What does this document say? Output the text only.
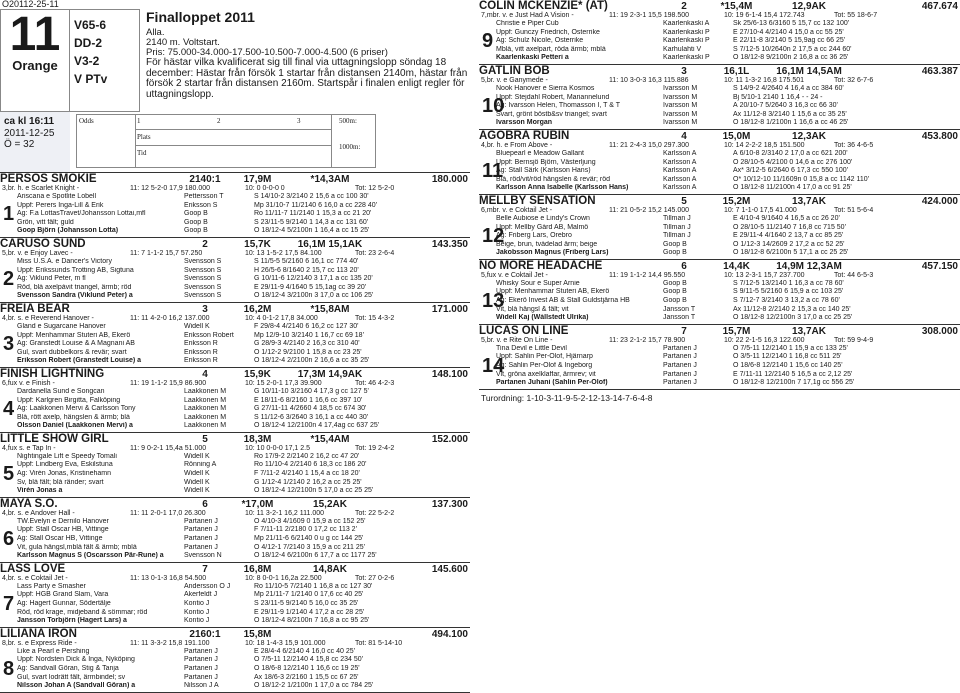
Ö20112-25-11
11
Orange
V65-6
DD-2
V3-2
V PTv
Finalloppet 2011
Alla.
2140 m. Voltstart.
Pris: 75.000-34.000-17.500-10.500-7.000-4.500 (6 priser)
För hästar vilka kvalificerat sig till final via uttagningslopp söndag 18 december: Hästar från försök 1 startar från distansen 2140m, hästar från försök 2 startar från distansen 2160m. Startspår i finalen enligt regler för uttagningslopp.
ca kl 16:11
2011-12-25
Ö = 32
Odds	1	2	3	500m:
Plats
Tid
1000m:
PERSOS SMOKIE	2140:1	17,9M	*14,3AM	180.000
3,br. h. e Scarlet Knight -	11: 12 5-2-0 17,9 180.000	10: 0 0-0-0 0	Tot: 12 5-2-0
1
Ariscana e Spotlite Lobell	Pettersson T	S 14/10-2 3/2140 2 15,6 a cc 100 30'
Uppf: Perers Inga-Lill & Erik	Eriksson S	Mp 31/10-7 11/2140 6 16,0 a cc 228 40'
Äg: F.a LottasTravet/Johansson Lottai,mfl	Goop B	Ro 11/11-7 11/2140 1 15,3 a cc 21 20'
Grön, vitt fält; guld	Goop B	S 23/11-5 9/2140 1 14,3 a cc 131 60'
Goop Björn (Johansson Lotta)	Goop B	Ö 18/12-4 5/2100n 1 16,4 a cc 15 25'
CARUSO SUND	2	15,7K	16,1M 15,1AK	143.350
5,br. v. e Enjoy Lavec -	11: 7 1-1-2 15,7 57.250	10: 13 1-5-2 17,5 84.100	Tot: 23 2-6-4
2
Miss U.S.A. e Dancer's Victory	Svensson S	S 11/5-5 5/2160 6 16,1 cc 774 40'
Uppf: Erikssunds Trotting AB, Sigtuna	Svensson S	H 26/5-6 8/1640 2 15,7 cc 113 20'
Äg: Viklund Peter, m fl	Svensson S	G 10/11-6 12/2140 3 17,1 a cc 135 20'
Röd, blå axelpåvit triangel, ärmb; röd	Svensson S	E 29/11-9 4/1640 5 15,1ag cc 39 20'
Svensson Sandra (Viklund Peter) a	Svensson S	Ö 18/12-4 3/2100n 3 17,0 a cc 106 25'
FREIA BEAR	3	16,2M	*15,8AM	171.000
4,br. s. e Reverend Hanover -	11: 11 4-2-0 16,2 137.000	10: 4 0-1-2 17,8 34.000	Tot: 15 4-3-2
3
Gland e Sugarcane Hanover	Widell K	F 29/8-4 4/2140 6 16,2 cc 127 30'
Uppf: Menhammar Stuteri AB, Ekerö	Eriksson Robert	Mp 12/9-10 3/2140 1 16,7 cc 69 18'
Äg: Granstedt Louise & A Magnani AB	Eriksson R	G 28/9-3 4/2140 2 16,3 cc 310 40'
Gul, svart dubbelkors & revär; svart	Eriksson R	Ö 1/12-2 9/2100 1 15,8 a cc 23 25'
Eriksson Robert (Granstedt Louise) a	Eriksson R	Ö 18/12-4 2/2100n 2 16,6 a cc 35 25'
FINISH LIGHTNING	4	15,9K	17,3M 14,9AK	148.100
6,fux v. e Finish -	11: 19 1-1-2 15,9 86.900	10: 15 2-0-1 17,3 39.900	Tot: 46 4-2-3
4
Dardanella Sund e Songcan	Laakkonen M	G 10/11-10 3/2160 4 17,3 g cc 127 5'
Uppf: Karlgren Birgitta, Falköping	Laakkonen M	E 18/11-6 8/2160 1 16,6 cc 397 10'
Äg: Laakkonen Mervi & Carlsson Tony	Laakkonen M	G 27/11-11 4/2660 4 18,5 cc 674 30'
Blå, rött axelp, hängslen & ärmb; blå	Laakkonen M	S 11/12-6 3/2640 3 16,1 a cc 440 30'
Olsson Daniel (Laakkonen Mervi) a	Laakkonen M	Ö 18/12-4 12/2100n 4 17,4ag cc 637 25'
LITTLE SHOW GIRL	5	18,3M	*15,4AM	152.000
4,fux s. e Tap In -	11: 9 0-2-1 15,4a 51.000	10: 10 0-0-0 17,1 2.5	Tot: 19 2-4-2
5
Nightingale Lift e Speedy Tomali	Widell K	Ro 17/9-2 2/2140 2 16,2 cc 47 20'
Uppf: Lindberg Eva, Eskilstuna	Rönning A	Ro 11/10-4 2/2140 6 18,3 cc 186 20'
Äg: Virén Jonas, Kristinehamn	Widell K	F 7/11-2 4/2140 1 15,4 a cc 18 20'
Sv, blå fält; blå ränder; svart	Widell K	G 1/12-4 1/2140 2 16,2 a cc 25 25'
Virén Jonas a	Widell K	Ö 18/12-4 12/2100n 5 17,0 a cc 25 25'
MAYA S.O.	6	*17,0M	15,2AK	137.300
4,br. s. e Andover Hall -	11: 11 2-0-1 17,0 26.300	10: 11 3-2-1 16,2 111.000	Tot: 22 5-2-2
6
TW.Evelyn e Dernilo Hanover	Partanen J	Ö 4/10-3 4/1609 0 15,9 a cc 152 25'
Uppf: Stall Oscar HB, Vittinge	Partanen J	F 7/11-11 2/2180 0 17,2 cc 113 2'
Äg: Stall Oscar HB, Vittinge	Partanen J	Mp 21/11-6 6/2140 0 u g cc 144 25'
Vit, gula hängsl,mblå fält & ärmb; mblå	Partanen J	Ö 4/12-1 7/2140 3 15,9 a cc 211 25'
Karlsson Magnus S (Oscarsson Pär-Rune) a	Svensson N	Ö 18/12-4 6/2100n 6 17,7 a cc 1177 25'
LASS LOVE	7	16,8M	14,8AK	145.600
4,br. s. e Coktail Jet -	11: 13 0-1-3 16,8 54.500	10: 8 0-0-1 16,2a 22.500	Tot: 27 0-2-6
7
Lass Party e Smasher	Andersson O J	Ro 11/10-5 7/2140 1 16,8 a cc 127 30'
Uppf: HGB Grand Slam, Vara	Åkerfeldt J	Mp 21/11-7 1/2140 0 17,6 cc 40 25'
Äg: Hagert Gunnar, Södertälje	Kontio J	S 23/11-5 9/2140 5 16,0 cc 35 25'
Röd, röd krage, midjeband & sömmar; röd	Kontio J	E 29/11-9 1/2140 4 17,2 a cc 28 25'
Jansson Torbjörn (Hagert Lars) a	Kontio J	Ö 18/12-4 8/2100n 7 16,8 a cc 95 25'
LILIANA IRON	2160:1	15,8M	494.100
8,br. s. e Express Ride -	11: 11 3-3-2 15,8 191.100	10: 18 1-4-3 15,9 101.000	Tot: 81 5-14-10
8
Like a Pearl e Pershing	Partanen J	E 28/4-4 6/2140 4 16,0 cc 40 25'
Uppf: Nordsten Dick & Inga, Nyköping	Partanen J	Ö 7/5-11 12/2140 4 15,8 cc 234 50'
Äg: Sandvall Göran, Stig & Tanja	Partanen J	Ö 18/6-8 12/2140 1 16,6 cc 19 25'
Gul, svart lodrätt fält, ärmbindel; sv	Partanen J	Ax 18/6-3 2/2160 1 15,5 cc 67 25'
Nilsson Johan A (Sandvall Göran) a	Nilsson J A	Ö 18/12-2 1/2100n 1 17,0 a cc 784 25'
COLIN MCKENZIE* (AT)	2	*15,4M	12,9AK	467.674
7,mbr. v. e Just Had A Vision -	11: 19 2-3-1 15,5 198.500	10: 19 6-1-4 15,4 172.743	Tot: 55 18-6-7
9
Christie e Piper Cub	Kaarlenkaski A	Sk 25/6-13 6/3160 5 15,7 cc 132 100'
Uppf: Gunczy Friedrich, Österrike	Kaarlenkaski P	E 27/10-4 4/2140 4 15,0 a cc 55 25'
Äg: Schulz Nicole, Österrike	Kaarlenkaski P	E 22/11-8 3/2140 5 15,9ag cc 66 25'
Mblå, vitt axelpart, röda ärmb; mblå	Karhulahti V	S 7/12-5 10/2640n 2 17,5 a cc 244 60'
Kaarlenkaski Petteri a	Kaarlenkaski P	Ö 18/12-8 9/2100n 2 16,8 a cc 36 25'
GATLIN BOB	3	16,1L	16,1M 14,5AM	463.387
5,br. v. e Ganymede -	11: 10 3-0-3 16,3 115.886	10: 11 1-3-2 16,8 175.501	Tot: 32 6-7-6
10
Nook Hanover e Sierra Kosmos	Ivarsson M	S 14/9-2 4/2640 4 16,4 a cc 384 60'
Uppf: Stejdahl Robert, Mariannelund	Ivarsson M	Bj 5/10-1 2140 1 16,4 - - 24 -
Äg: Ivarsson Helen, Thomasson I, T & T	Ivarsson M	Å 20/10-7 5/2640 3 16,3 cc 66 30'
Svart, grönt böstb&sv triangel; svart	Ivarsson M	Ax 11/12-8 3/2140 1 15,6 a cc 35 25'
Ivarsson Morgan	Ivarsson M	Ö 18/12-8 1/2100n 1 16,6 a cc 46 25'
AGOBRA RUBIN	4	15,0M	12,3AK	453.800
4,br. h. e From Above -	11: 21 2-4-3 15,0 297.300	10: 14 2-2-2 18,5 151.500	Tot: 36 4-6-5
11
Bluepearl e Meadow Gallant	Karlsson A	Å 6/10-8 2/3140 2 17,0 a cc 621 200'
Uppf: Bernsjö Björn, Västerljung	Karlsson A	Ö 28/10-5 4/2100 0 14,6 a cc 276 100'
Äg: Stall Särk (Karlsson Hans)	Karlsson A	Ax* 3/12-5 6/2640 6 17,3 cc 550 100'
Blå, röd/vit/röd hängslen & revär; röd	Karlsson A	Ö* 10/12-10 11/1609n 0 15,8 a cc 1142 110'
Karlsson Anna Isabelle (Karlsson Hans)	Karlsson A	Ö 18/12-8 11/2100n 4 17,0 a cc 91 25'
MELLBY SENSATION	5	15,2M	13,7AK	424.000
6,mbr. v. e Coktail Jet -	11: 21 0-5-2 15,2 145.000	10: 7 1-1-0 17,5 41.000	Tot: 51 5-6-4
12
Belle Aubiose e Lindy's Crown	Tillman J	E 4/10-4 9/1640 4 16,5 a cc 26 20'
Uppf: Mellby Gård AB, Malmö	Tillman J	Ö 28/10-5 11/2140 7 16,8 cc 715 50'
Äg: Friberg Lars, Örebro	Tillman J	E 29/11-4 4/1640 2 13,7 a cc 85 25'
Beige, brun, tvådelad ärm; beige	Goop B	Ö 1/12-3 14/2609 2 17,2 a cc 52 25'
Jakobsson Magnus (Friberg Lars)	Goop B	Ö 18/12-8 6/2100n 5 17,1 a cc 25 25'
NO MORE HEADACHE	6	14,4K	14,9M 12,3AM	457.150
5,fux v. e Coktail Jet -	11: 19 1-1-2 14,4 95.550	10: 13 2-3-1 15,7 237.700	Tot: 44 6-5-3
13
Whisky Sour e Super Arnie	Goop B	S 7/12-5 13/2140 1 16,3 a cc 78 60'
Uppf: Menhammar Stuteri AB, Ekerö	Goop B	S 9/11-5 5/2160 6 15,9 a cc 103 25'
Äg: Ekerö Invest AB & Stall Guldstjärna HB	Goop B	S 7/12-7 3/2140 3 13,2 a cc 78 60'
Vit, blå hängsl & fält; vit	Jansson T	Ax 11/12-8 2/2140 2 15,3 a cc 140 25'
Widell Kaj (Wållstedt Ulrika)	Jansson T	Ö 18/12-8 12/2100n 3 17,0 a cc 25 25'
LUCAS ON LINE	7	15,7M	13,7AK	308.000
5,br. v. e Rite On Line -	11: 23 2-1-2 15,7 78.900	10: 22 2-1-5 16,3 122.600	Tot: 59 9-4-9
14
Tina Devil e Little Devil	Partanen J	Ö 7/5-11 12/2140 1 15,9 a cc 133 25'
Uppf: Sahlin Per-Olof, Hjärnarp	Partanen J	Ö 3/5-11 12/2140 1 16,8 cc 511 25'
Äg: Sahlin Per-Olof & Ingeborg	Partanen J	Ö 18/6-8 12/2140 1 15,6 cc 140 25'
Vit, gröna axelklaffar, ärmrev; vit	Partanen J	E 7/11-11 12/2140 5 16,5 a cc 2,12 25'
Partanen Juhani (Sahlin Per-Olof)	Partanen J	Ö 18/12-8 12/2100n 7 17,1g cc 556 25'
Turordning: 1-10-3-11-9-5-2-12-13-14-7-6-4-8
